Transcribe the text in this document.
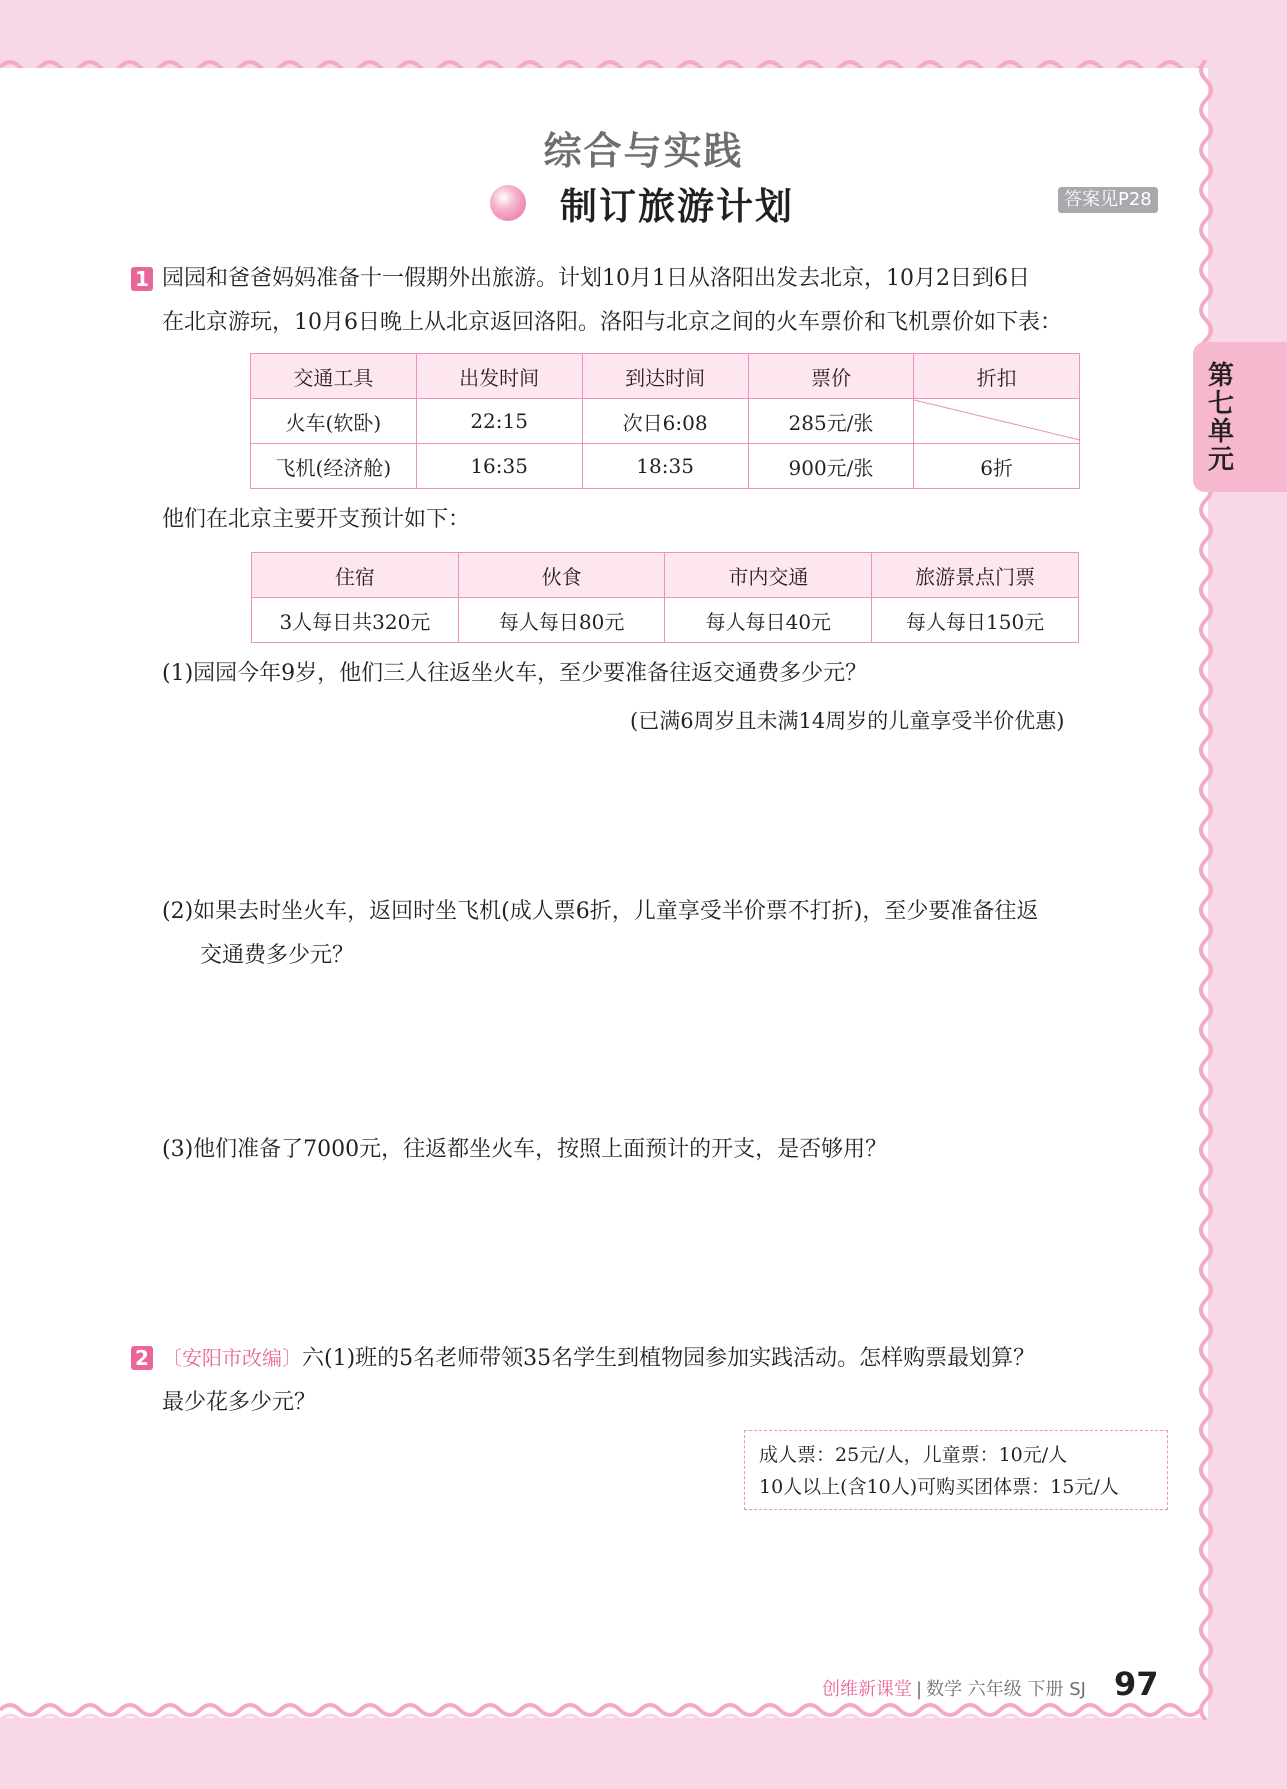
综合与实践
制订旅游计划	答案见P28
第七单元
1 园园和爸爸妈妈准备十一假期外出旅游。计划10月1日从洛阳出发去北京，10月2日到6日
在北京游玩，10月6日晚上从北京返回洛阳。洛阳与北京之间的火车票价和飞机票价如下表：
交通工具	出发时间	到达时间	票价	折扣
火车(软卧)	22:15	次日6:08	285元/张	
飞机(经济舱)	16:35	18:35	900元/张	6折
他们在北京主要开支预计如下：
住宿	伙食	市内交通	旅游景点门票
3人每日共320元	每人每日80元	每人每日40元	每人每日150元
(1)园园今年9岁，他们三人往返坐火车，至少要准备往返交通费多少元？
(已满6周岁且未满14周岁的儿童享受半价优惠)
(2)如果去时坐火车，返回时坐飞机(成人票6折，儿童享受半价票不打折)，至少要准备往返
交通费多少元？
(3)他们准备了7000元，往返都坐火车，按照上面预计的开支，是否够用？
2 〔安阳市改编〕六(1)班的5名老师带领35名学生到植物园参加实践活动。怎样购票最划算？
最少花多少元？
成人票：25元/人，儿童票：10元/人
10人以上(含10人)可购买团体票：15元/人
创维新课堂 | 数学 六年级 下册 SJ 97
